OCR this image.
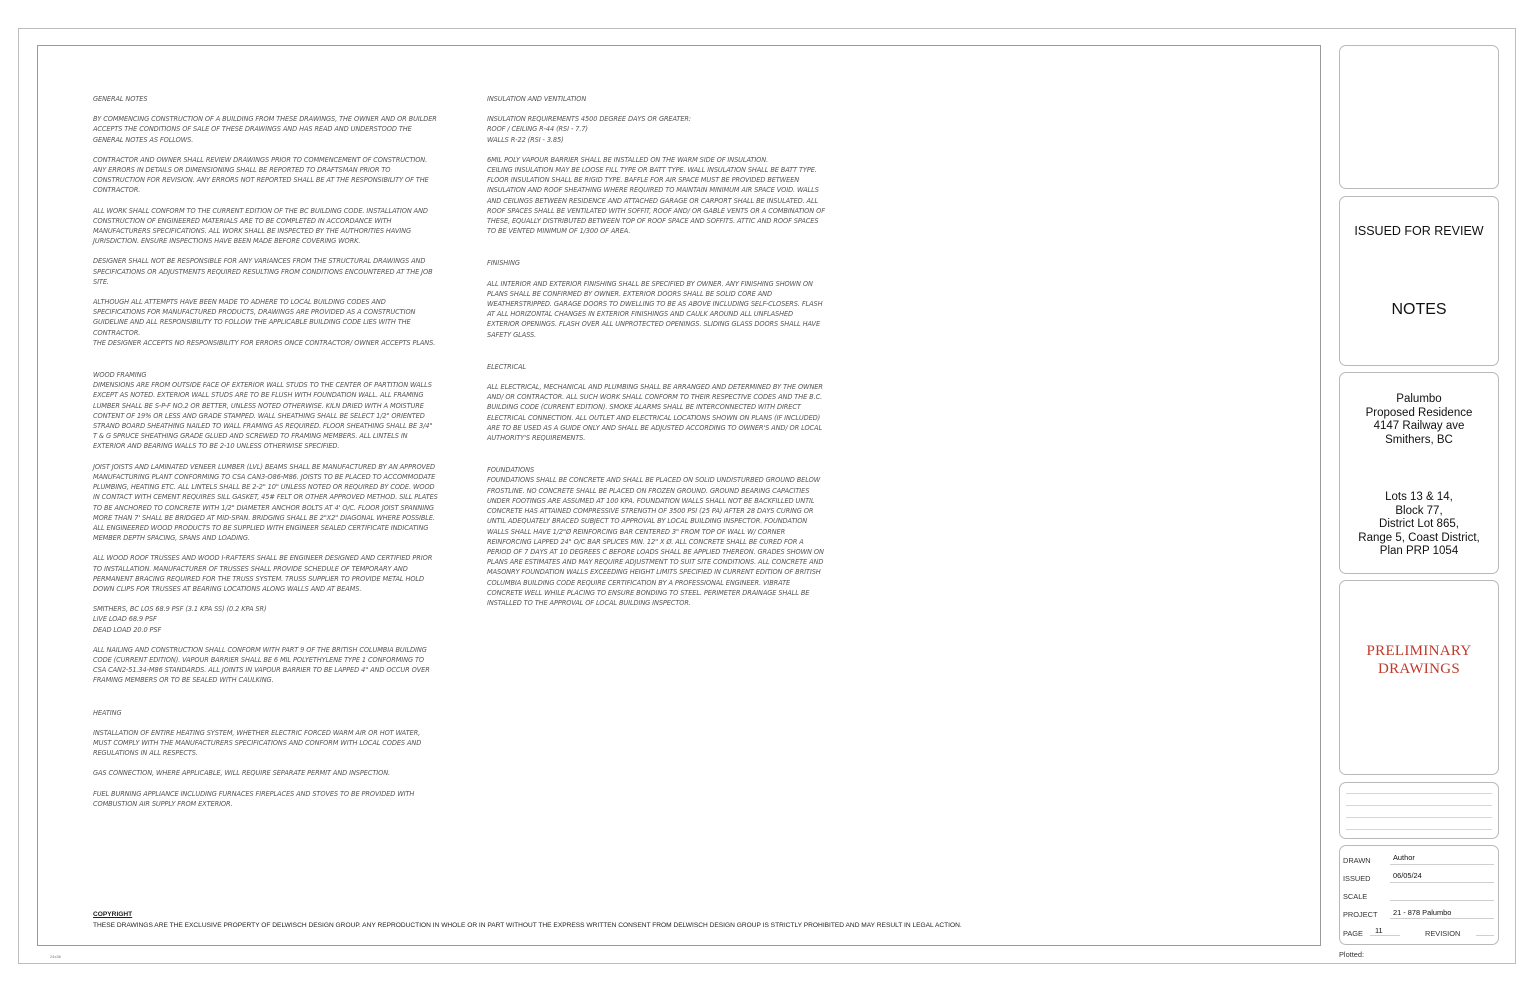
GENERAL NOTES

BY COMMENCING CONSTRUCTION OF A BUILDING FROM THESE DRAWINGS, THE OWNER AND OR BUILDER ACCEPTS THE CONDITIONS OF SALE OF THESE DRAWINGS AND HAS READ AND UNDERSTOOD THE GENERAL NOTES AS FOLLOWS.

CONTRACTOR AND OWNER SHALL REVIEW DRAWINGS PRIOR TO COMMENCEMENT OF CONSTRUCTION. ANY ERRORS IN DETAILS OR DIMENSIONING SHALL BE REPORTED TO DRAFTSMAN PRIOR TO CONSTRUCTION FOR REVISION. ANY ERRORS NOT REPORTED SHALL BE AT THE RESPONSIBILITY OF THE CONTRACTOR.

ALL WORK SHALL CONFORM TO THE CURRENT EDITION OF THE BC BUILDING CODE. INSTALLATION AND CONSTRUCTION OF ENGINEERED MATERIALS ARE TO BE COMPLETED IN ACCORDANCE WITH MANUFACTURERS SPECIFICATIONS. ALL WORK SHALL BE INSPECTED BY THE AUTHORITIES HAVING JURISDICTION. ENSURE INSPECTIONS HAVE BEEN MADE BEFORE COVERING WORK.

DESIGNER SHALL NOT BE RESPONSIBLE FOR ANY VARIANCES FROM THE STRUCTURAL DRAWINGS AND SPECIFICATIONS OR ADJUSTMENTS REQUIRED RESULTING FROM CONDITIONS ENCOUNTERED AT THE JOB SITE.

ALTHOUGH ALL ATTEMPTS HAVE BEEN MADE TO ADHERE TO LOCAL BUILDING CODES AND SPECIFICATIONS FOR MANUFACTURED PRODUCTS, DRAWINGS ARE PROVIDED AS A CONSTRUCTION GUIDELINE AND ALL RESPONSIBILITY TO FOLLOW THE APPLICABLE BUILDING CODE LIES WITH THE CONTRACTOR.
THE DESIGNER ACCEPTS NO RESPONSIBILITY FOR ERRORS ONCE CONTRACTOR/ OWNER ACCEPTS PLANS.

WOOD FRAMING

DIMENSIONS ARE FROM OUTSIDE FACE OF EXTERIOR WALL STUDS TO THE CENTER OF PARTITION WALLS EXCEPT AS NOTED. EXTERIOR WALL STUDS ARE TO BE FLUSH WITH FOUNDATION WALL. ALL FRAMING LUMBER SHALL BE S-P-F NO.2 OR BETTER, UNLESS NOTED OTHERWISE. KILN DRIED WITH A MOISTURE CONTENT OF 19% OR LESS AND GRADE STAMPED. WALL SHEATHING SHALL BE SELECT 1/2" ORIENTED STRAND BOARD SHEATHING NAILED TO WALL FRAMING AS REQUIRED. FLOOR SHEATHING SHALL BE 3/4" T & G SPRUCE SHEATHING GRADE GLUED AND SCREWED TO FRAMING MEMBERS. ALL LINTELS IN EXTERIOR AND BEARING WALLS TO BE 2-10 UNLESS OTHERWISE SPECIFIED.

JOIST JOISTS AND LAMINATED VENEER LUMBER (LVL) BEAMS SHALL BE MANUFACTURED BY AN APPROVED MANUFACTURING PLANT CONFORMING TO CSA CAN3-O86-M86. JOISTS TO BE PLACED TO ACCOMMODATE PLUMBING, HEATING ETC. ALL LINTELS SHALL BE 2-2" 10" UNLESS NOTED OR REQUIRED BY CODE. WOOD IN CONTACT WITH CEMENT REQUIRES SILL GASKET, 45# FELT OR OTHER APPROVED METHOD. SILL PLATES TO BE ANCHORED TO CONCRETE WITH 1/2" DIAMETER ANCHOR BOLTS AT 4' O/C. FLOOR JOIST SPANNING MORE THAN 7' SHALL BE BRIDGED AT MID-SPAN. BRIDGING SHALL BE 2"X2" DIAGONAL WHERE POSSIBLE. ALL ENGINEERED WOOD PRODUCTS TO BE SUPPLIED WITH ENGINEER SEALED CERTIFICATE INDICATING MEMBER DEPTH SPACING, SPANS AND LOADING.

ALL WOOD ROOF TRUSSES AND WOOD I-RAFTERS SHALL BE ENGINEER DESIGNED AND CERTIFIED PRIOR TO INSTALLATION. MANUFACTURER OF TRUSSES SHALL PROVIDE SCHEDULE OF TEMPORARY AND PERMANENT BRACING REQUIRED FOR THE TRUSS SYSTEM. TRUSS SUPPLIER TO PROVIDE METAL HOLD DOWN CLIPS FOR TRUSSES AT BEARING LOCATIONS ALONG WALLS AND AT BEAMS.

SMITHERS, BC LOS 68.9 PSF (3.1 KPA SS) (0.2 KPA SR)
LIVE LOAD 68.9 PSF
DEAD LOAD 20.0 PSF

ALL NAILING AND CONSTRUCTION SHALL CONFORM WITH PART 9 OF THE BRITISH COLUMBIA BUILDING CODE (CURRENT EDITION). VAPOUR BARRIER SHALL BE 6 MIL POLYETHYLENE TYPE 1 CONFORMING TO CSA CAN2-51.34-M86 STANDARDS. ALL JOINTS IN VAPOUR BARRIER TO BE LAPPED 4" AND OCCUR OVER FRAMING MEMBERS OR TO BE SEALED WITH CAULKING.

HEATING

INSTALLATION OF ENTIRE HEATING SYSTEM, WHETHER ELECTRIC FORCED WARM AIR OR HOT WATER, MUST COMPLY WITH THE MANUFACTURERS SPECIFICATIONS AND CONFORM WITH LOCAL CODES AND REGULATIONS IN ALL RESPECTS.

GAS CONNECTION, WHERE APPLICABLE, WILL REQUIRE SEPARATE PERMIT AND INSPECTION.

FUEL BURNING APPLIANCE INCLUDING FURNACES FIREPLACES AND STOVES TO BE PROVIDED WITH COMBUSTION AIR SUPPLY FROM EXTERIOR.

INSULATION AND VENTILATION

INSULATION REQUIREMENTS 4500 DEGREE DAYS OR GREATER:
ROOF / CEILING R-44 (RSI - 7.7)
WALLS R-22 (RSI - 3.85)

6MIL POLY VAPOUR BARRIER SHALL BE INSTALLED ON THE WARM SIDE OF INSULATION.
CEILING INSULATION MAY BE LOOSE FILL TYPE OR BATT TYPE. WALL INSULATION SHALL BE BATT TYPE. FLOOR INSULATION SHALL BE RIGID TYPE. BAFFLE FOR AIR SPACE MUST BE PROVIDED BETWEEN INSULATION AND ROOF SHEATHING WHERE REQUIRED TO MAINTAIN MINIMUM AIR SPACE VOID. WALLS AND CEILINGS BETWEEN RESIDENCE AND ATTACHED GARAGE OR CARPORT SHALL BE INSULATED. ALL ROOF SPACES SHALL BE VENTILATED WITH SOFFIT, ROOF AND/ OR GABLE VENTS OR A COMBINATION OF THESE, EQUALLY DISTRIBUTED BETWEEN TOP OF ROOF SPACE AND SOFFITS. ATTIC AND ROOF SPACES TO BE VENTED MINIMUM OF 1/300 OF AREA.

FINISHING

ALL INTERIOR AND EXTERIOR FINISHING SHALL BE SPECIFIED BY OWNER. ANY FINISHING SHOWN ON PLANS SHALL BE CONFIRMED BY OWNER. EXTERIOR DOORS SHALL BE SOLID CORE AND WEATHERSTRIPPED. GARAGE DOORS TO DWELLING TO BE AS ABOVE INCLUDING SELF-CLOSERS. FLASH AT ALL HORIZONTAL CHANGES IN EXTERIOR FINISHINGS AND CAULK AROUND ALL UNFLASHED EXTERIOR OPENINGS. FLASH OVER ALL UNPROTECTED OPENINGS. SLIDING GLASS DOORS SHALL HAVE SAFETY GLASS.

ELECTRICAL

ALL ELECTRICAL, MECHANICAL AND PLUMBING SHALL BE ARRANGED AND DETERMINED BY THE OWNER AND/ OR CONTRACTOR. ALL SUCH WORK SHALL CONFORM TO THEIR RESPECTIVE CODES AND THE B.C. BUILDING CODE (CURRENT EDITION). SMOKE ALARMS SHALL BE INTERCONNECTED WITH DIRECT ELECTRICAL CONNECTION. ALL OUTLET AND ELECTRICAL LOCATIONS SHOWN ON PLANS (IF INCLUDED) ARE TO BE USED AS A GUIDE ONLY AND SHALL BE ADJUSTED ACCORDING TO OWNER'S AND/ OR LOCAL AUTHORITY'S REQUIREMENTS.

FOUNDATIONS

FOUNDATIONS SHALL BE CONCRETE AND SHALL BE PLACED ON SOLID UNDISTURBED GROUND BELOW FROSTLINE. NO CONCRETE SHALL BE PLACED ON FROZEN GROUND. GROUND BEARING CAPACITIES UNDER FOOTINGS ARE ASSUMED AT 100 KPA. FOUNDATION WALLS SHALL NOT BE BACKFILLED UNTIL CONCRETE HAS ATTAINED COMPRESSIVE STRENGTH OF 3500 PSI (25 PA) AFTER 28 DAYS CURING OR UNTIL ADEQUATELY BRACED SUBJECT TO APPROVAL BY LOCAL BUILDING INSPECTOR. FOUNDATION WALLS SHALL HAVE 1/2"Ø REINFORCING BAR CENTERED 3" FROM TOP OF WALL W/ CORNER REINFORCING LAPPED 24" O/C BAR SPLICES MIN. 12" X Ø. ALL CONCRETE SHALL BE CURED FOR A PERIOD OF 7 DAYS AT 10 DEGREES C BEFORE LOADS SHALL BE APPLIED THEREON. GRADES SHOWN ON PLANS ARE ESTIMATES AND MAY REQUIRE ADJUSTMENT TO SUIT SITE CONDITIONS. ALL CONCRETE AND MASONRY FOUNDATION WALLS EXCEEDING HEIGHT LIMITS SPECIFIED IN CURRENT EDITION OF BRITISH COLUMBIA BUILDING CODE REQUIRE CERTIFICATION BY A PROFESSIONAL ENGINEER. VIBRATE CONCRETE WELL WHILE PLACING TO ENSURE BONDING TO STEEL. PERIMETER DRAINAGE SHALL BE INSTALLED TO THE APPROVAL OF LOCAL BUILDING INSPECTOR.

COPYRIGHT
THESE DRAWINGS ARE THE EXCLUSIVE PROPERTY OF DELWISCH DESIGN GROUP. ANY REPRODUCTION IN WHOLE OR IN PART WITHOUT THE EXPRESS WRITTEN CONSENT FROM DELWISCH DESIGN GROUP IS STRICTLY PROHIBITED AND MAY RESULT IN LEGAL ACTION.
24x36
ISSUED FOR REVIEW
NOTES
Palumbo
Proposed Residence
4147 Railway ave
Smithers, BC
Lots 13 & 14,
Block 77,
District Lot 865,
Range 5, Coast District,
Plan PRP 1054
PRELIMINARY
DRAWINGS
DRAWN	Author
ISSUED	06/05/24
SCALE
PROJECT 21 - 878 Palumbo
PAGE 11	REVISION
Plotted:
